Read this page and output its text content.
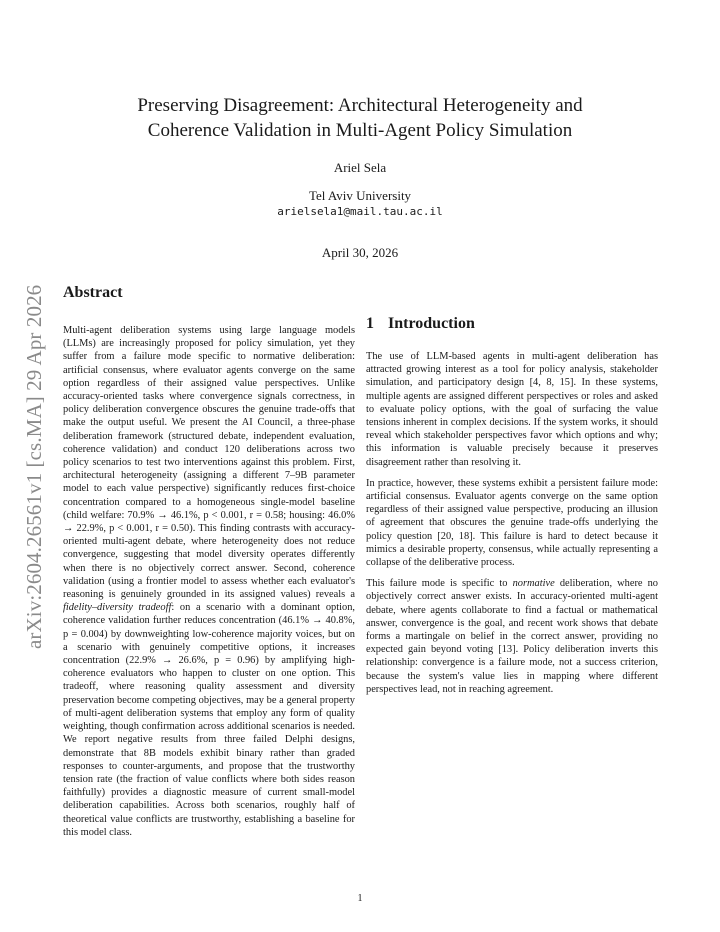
arXiv:2604.26561v1 [cs.MA] 29 Apr 2026
Preserving Disagreement: Architectural Heterogeneity and
Coherence Validation in Multi-Agent Policy Simulation
Ariel Sela
Tel Aviv University
arielsela1@mail.tau.ac.il
April 30, 2026
Abstract

Multi-agent deliberation systems using large language models (LLMs) are increasingly proposed for policy simulation, yet they suffer from a failure mode specific to normative deliberation: artificial consensus, where evaluator agents converge on the same option regardless of their assigned value perspectives. Unlike accuracy-oriented tasks where convergence signals correctness, in policy deliberation convergence obscures the genuine trade-offs that make the output useful. We present the AI Council, a three-phase deliberation framework (structured debate, independent evaluation, coherence validation) and conduct 120 deliberations across two policy scenarios to test two interventions against this problem. First, architectural heterogeneity (assigning a different 7–9B parameter model to each value perspective) significantly reduces first-choice concentration compared to a homogeneous single-model baseline (child welfare: 70.9% → 46.1%, p < 0.001, r = 0.58; housing: 46.0% → 22.9%, p < 0.001, r = 0.50). This finding contrasts with accuracy-oriented multi-agent debate, where heterogeneity does not reduce convergence, suggesting that model diversity operates differently when there is no objectively correct answer. Second, coherence validation (using a frontier model to assess whether each evaluator's reasoning is genuinely grounded in its assigned values) reveals a fidelity–diversity tradeoff: on a scenario with a dominant option, coherence validation further reduces concentration (46.1% → 40.8%, p = 0.004) by downweighting low-coherence majority voices, but on a scenario with genuinely competitive options, it increases concentration (22.9% → 26.6%, p = 0.96) by amplifying high-coherence evaluators who happen to cluster on one option. This tradeoff, where reasoning quality assessment and diversity preservation become competing objectives, may be a general property of multi-agent deliberation systems that employ any form of quality weighting, though confirmation across additional scenarios is needed. We report negative results from three failed Delphi designs, demonstrate that 8B models exhibit binary rather than graded responses to counter-arguments, and propose that the trustworthy tension rate (the fraction of value conflicts where both sides reason faithfully) provides a diagnostic measure of current small-model deliberation capabilities. Across both scenarios, roughly half of theoretical value conflicts are trustworthy, establishing a baseline for this model class.

1 Introduction

The use of LLM-based agents in multi-agent deliberation has attracted growing interest as a tool for policy analysis, stakeholder simulation, and participatory design [4, 8, 15]. In these systems, multiple agents are assigned different perspectives or roles and asked to evaluate policy options, with the goal of surfacing the value tensions inherent in complex decisions. If the system works, it should reveal which stakeholder perspectives favor which options and why; this information is valuable precisely because it preserves disagreement rather than resolving it.

In practice, however, these systems exhibit a persistent failure mode: artificial consensus. Evaluator agents converge on the same option regardless of their assigned value perspective, producing an illusion of agreement that obscures the genuine trade-offs underlying the policy question [20, 18]. This failure is hard to detect because it mimics a desirable property, consensus, while actually representing a collapse of the deliberative process.

This failure mode is specific to normative deliberation, where no objectively correct answer exists. In accuracy-oriented multi-agent debate, where agents collaborate to find a factual or mathematical answer, convergence is the goal, and recent work shows that debate forms a martingale on belief in the correct answer, providing no expected gain beyond voting [13]. Policy deliberation inverts this relationship: convergence is a failure mode, not a success criterion, because the system's value lies in mapping where different perspectives lead, not in reaching agreement.

1
